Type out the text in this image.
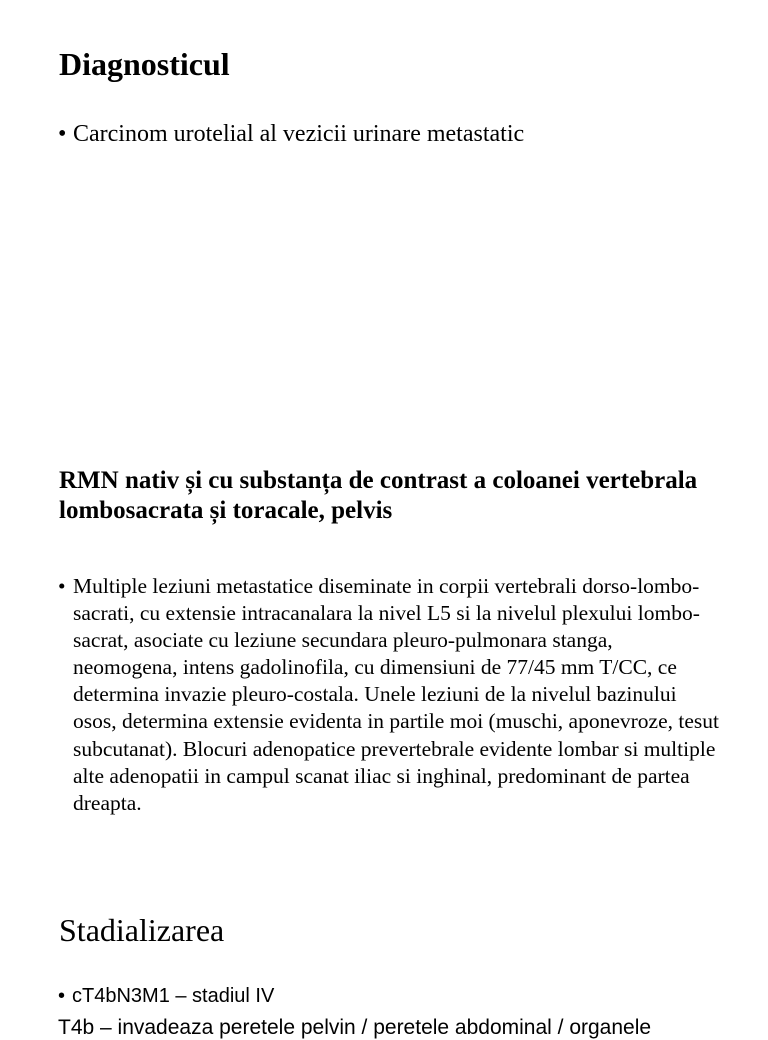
Diagnosticul
• Carcinom urotelial al vezicii urinare metastatic
RMN nativ și cu substanța de contrast a coloanei vertebrala lombosacrata și toracale, pelvis
• Multiple leziuni metastatice diseminate in corpii vertebrali dorso-lombo-sacrati, cu extensie intracanalara la nivel L5 si la nivelul plexului lombo-sacrat, asociate cu leziune secundara pleuro-pulmonara stanga, neomogena, intens gadolinofila, cu dimensiuni de 77/45 mm T/CC, ce determina invazie pleuro-costala. Unele leziuni de la nivelul bazinului osos, determina extensie evidenta in partile moi (muschi, aponevroze, tesut subcutanat). Blocuri adenopatice prevertebrale evidente lombar si multiple alte adenopatii in campul scanat iliac si inghinal, predominant de partea dreapta.
Stadializarea
• cT4bN3M1 – stadiul IV
T4b – invadeaza peretele pelvin / peretele abdominal / organele
